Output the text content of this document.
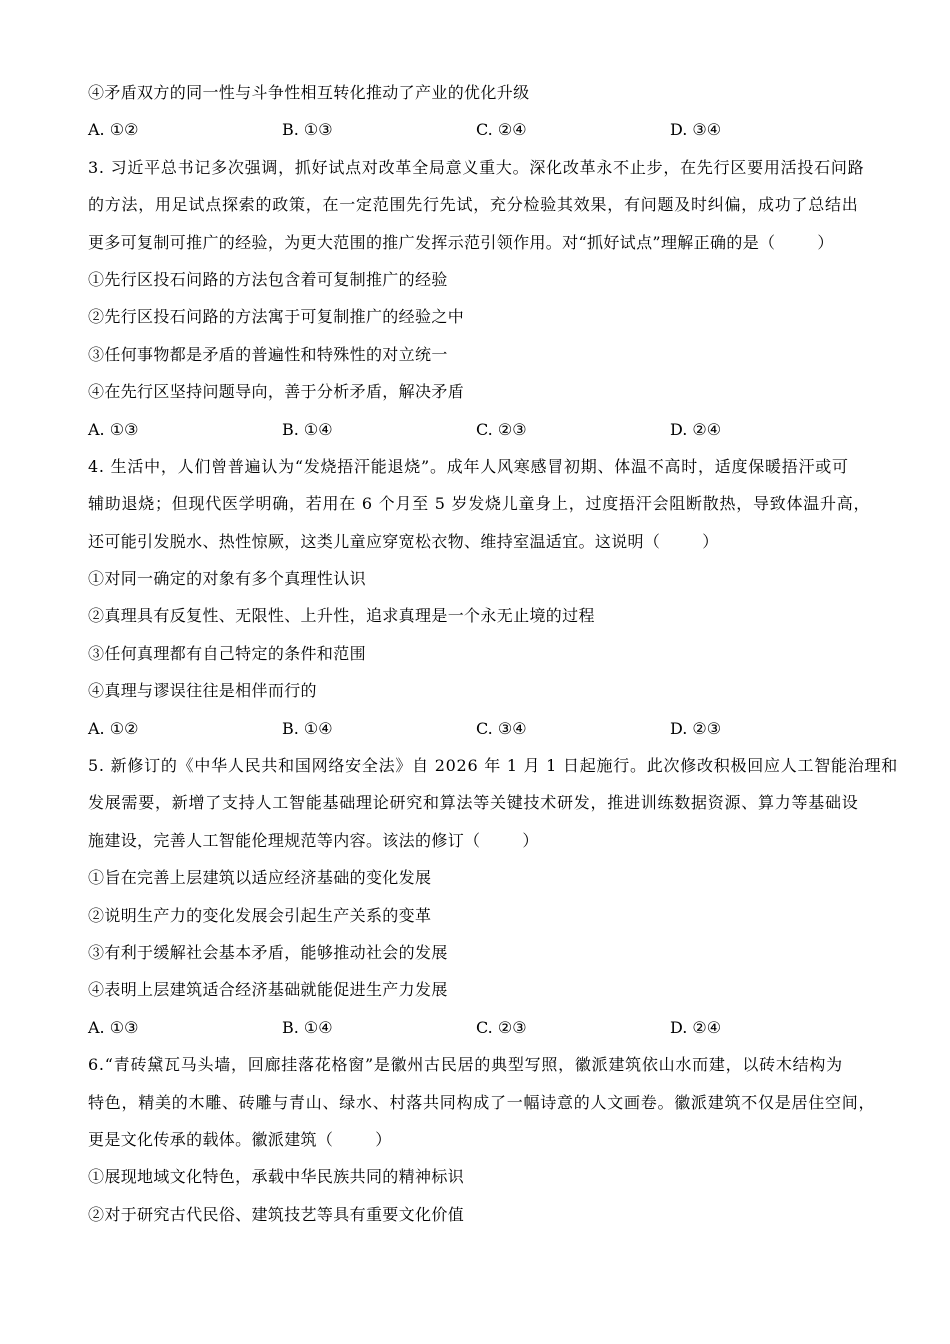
④矛盾双方的同一性与斗争性相互转化推动了产业的优化升级
A. ①②	B. ①③	C. ②④	D. ③④
3. 习近平总书记多次强调，抓好试点对改革全局意义重大。深化改革永不止步，在先行区要用活投石问路
的方法，用足试点探索的政策，在一定范围先行先试，充分检验其效果，有问题及时纠偏，成功了总结出
更多可复制可推广的经验，为更大范围的推广发挥示范引领作用。对“抓好试点”理解正确的是（	）
①先行区投石问路的方法包含着可复制推广的经验
②先行区投石问路的方法寓于可复制推广的经验之中
③任何事物都是矛盾的普遍性和特殊性的对立统一
④在先行区坚持问题导向，善于分析矛盾，解决矛盾
A. ①③	B. ①④	C. ②③	D. ②④
4. 生活中，人们曾普遍认为“发烧捂汗能退烧”。成年人风寒感冒初期、体温不高时，适度保暖捂汗或可
辅助退烧；但现代医学明确，若用在 6 个月至 5 岁发烧儿童身上，过度捂汗会阻断散热，导致体温升高，
还可能引发脱水、热性惊厥，这类儿童应穿宽松衣物、维持室温适宜。这说明（	）
①对同一确定的对象有多个真理性认识
②真理具有反复性、无限性、上升性，追求真理是一个永无止境的过程
③任何真理都有自己特定的条件和范围
④真理与谬误往往是相伴而行的
A. ①②	B. ①④	C. ③④	D. ②③
5. 新修订的《中华人民共和国网络安全法》自 2026 年 1 月 1 日起施行。此次修改积极回应人工智能治理和
发展需要，新增了支持人工智能基础理论研究和算法等关键技术研发，推进训练数据资源、算力等基础设
施建设，完善人工智能伦理规范等内容。该法的修订（	）
①旨在完善上层建筑以适应经济基础的变化发展
②说明生产力的变化发展会引起生产关系的变革
③有利于缓解社会基本矛盾，能够推动社会的发展
④表明上层建筑适合经济基础就能促进生产力发展
A. ①③	B. ①④	C. ②③	D. ②④
6.“青砖黛瓦马头墙，回廊挂落花格窗”是徽州古民居的典型写照，徽派建筑依山水而建，以砖木结构为
特色，精美的木雕、砖雕与青山、绿水、村落共同构成了一幅诗意的人文画卷。徽派建筑不仅是居住空间，
更是文化传承的载体。徽派建筑（	）
①展现地域文化特色，承载中华民族共同的精神标识
②对于研究古代民俗、建筑技艺等具有重要文化价值
